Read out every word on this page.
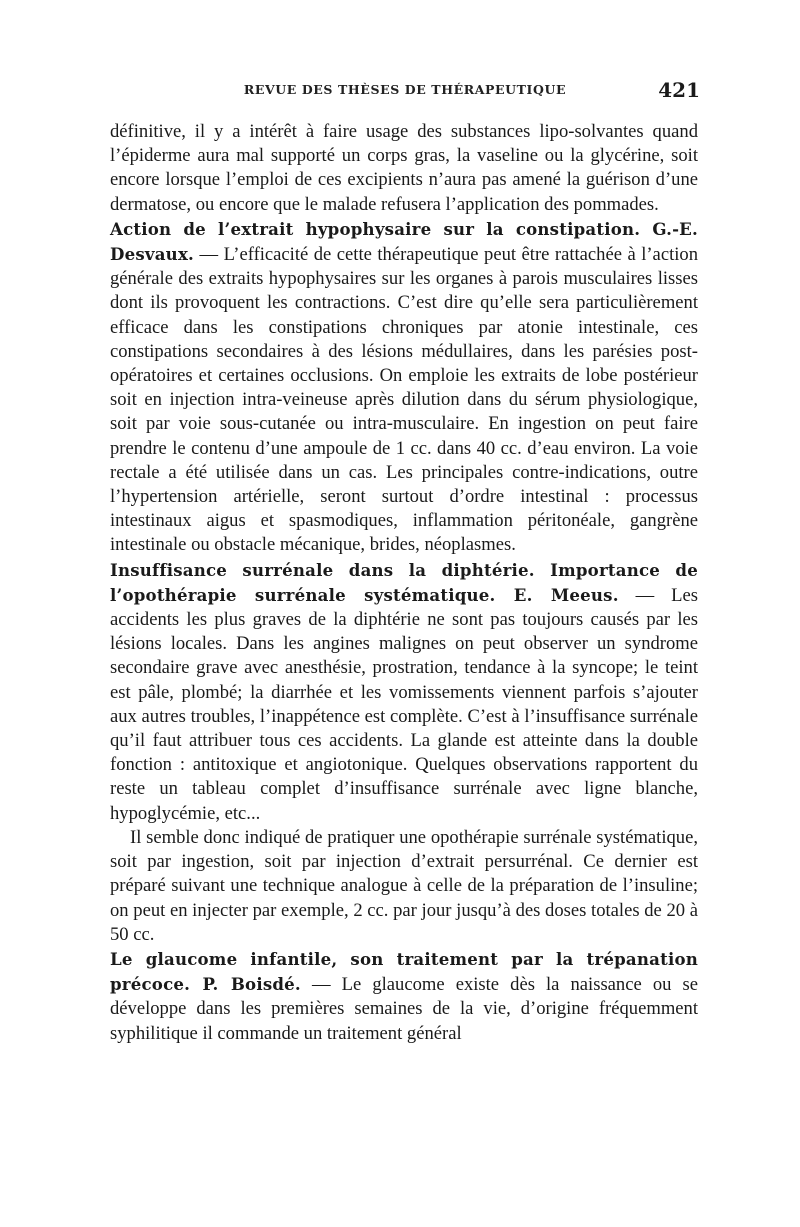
REVUE DES THÈSES DE THÉRAPEUTIQUE	421

définitive, il y a intérêt à faire usage des substances lipo-solvantes quand l’épiderme aura mal supporté un corps gras, la vaseline ou la glycérine, soit encore lorsque l’emploi de ces excipients n’aura pas amené la guérison d’une dermatose, ou encore que le malade refusera l’application des pommades.

Action de l’extrait hypophysaire sur la constipation. G.-E. Desvaux. — L’efficacité de cette thérapeutique peut être rattachée à l’action générale des extraits hypophysaires sur les organes à parois musculaires lisses dont ils provoquent les contractions. C’est dire qu’elle sera particulièrement efficace dans les constipations chroniques par atonie intestinale, ces constipations secondaires à des lésions médullaires, dans les parésies post-opératoires et certaines occlusions. On emploie les extraits de lobe postérieur soit en injection intra-veineuse après dilution dans du sérum physiologique, soit par voie sous-cutanée ou intra-musculaire. En ingestion on peut faire prendre le contenu d’une ampoule de 1 cc. dans 40 cc. d’eau environ. La voie rectale a été utilisée dans un cas. Les principales contre-indications, outre l’hypertension artérielle, seront surtout d’ordre intestinal : processus intestinaux aigus et spasmodiques, inflammation péritonéale, gangrène intestinale ou obstacle mécanique, brides, néoplasmes.

Insuffisance surrénale dans la diphtérie. Importance de l’opothérapie surrénale systématique. E. Meeus. — Les accidents les plus graves de la diphtérie ne sont pas toujours causés par les lésions locales. Dans les angines malignes on peut observer un syndrome secondaire grave avec anesthésie, prostration, tendance à la syncope; le teint est pâle, plombé; la diarrhée et les vomissements viennent parfois s’ajouter aux autres troubles, l’inappétence est complète. C’est à l’insuffisance surrénale qu’il faut attribuer tous ces accidents. La glande est atteinte dans la double fonction : antitoxique et angiotonique. Quelques observations rapportent du reste un tableau complet d’insuffisance surrénale avec ligne blanche, hypoglycémie, etc...

Il semble donc indiqué de pratiquer une opothérapie surrénale systématique, soit par ingestion, soit par injection d’extrait persurrénal. Ce dernier est préparé suivant une technique analogue à celle de la préparation de l’insuline; on peut en injecter par exemple, 2 cc. par jour jusqu’à des doses totales de 20 à 50 cc.

Le glaucome infantile, son traitement par la trépanation précoce. P. Boisdé. — Le glaucome existe dès la naissance ou se développe dans les premières semaines de la vie, d’origine fréquemment syphilitique il commande un traitement général
